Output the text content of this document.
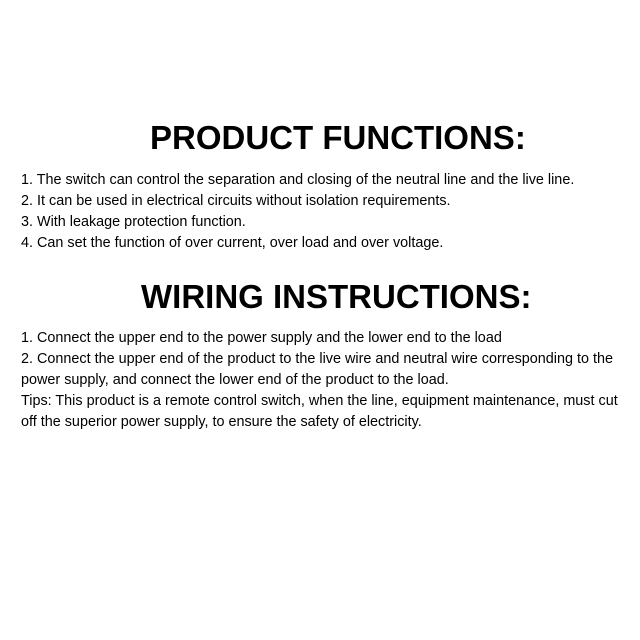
PRODUCT FUNCTIONS:
1. The switch can control the separation and closing of the neutral line and the live line.
2. It can be used in electrical circuits without isolation requirements.
3. With leakage protection function.
4. Can set the function of over current, over load and over voltage.
WIRING INSTRUCTIONS:
1. Connect the upper end to the power supply and the lower end to the load
2. Connect the upper end of the product to the live wire and neutral wire corresponding to the power supply, and connect the lower end of the product to the load.
Tips: This product is a remote control switch, when the line, equipment maintenance, must cut off the superior power supply, to ensure the safety of electricity.
